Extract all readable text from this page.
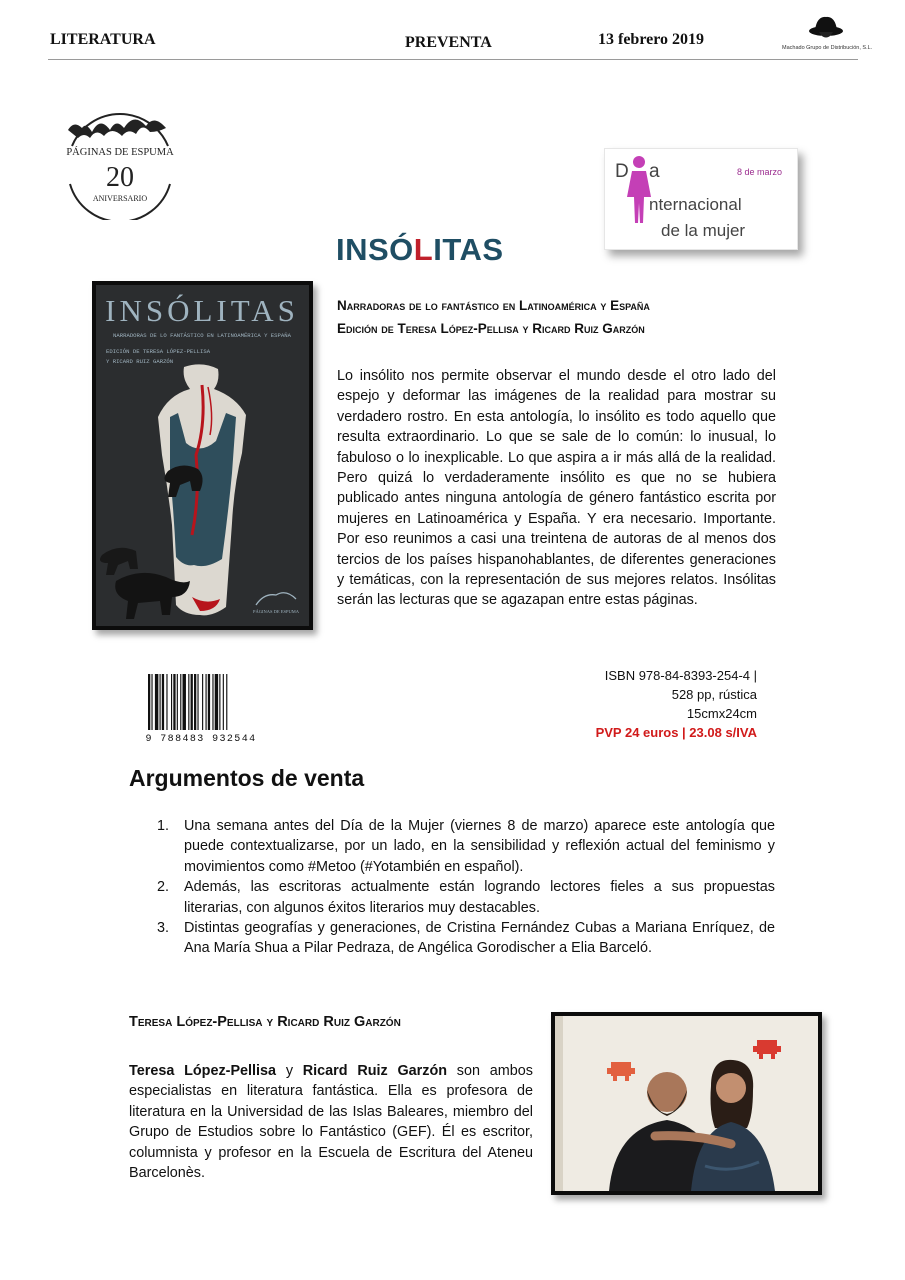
LITERATURA	PREVENTA	13 febrero 2019	Machado Grupo de Distribución, S.L.
PÁGINAS DE ESPUMA
20
ANIVERSARIO
D a	8 de marzo
nternacional
de la mujer
INSÓLITAS
INSÓLITAS
NARRADORAS DE LO FANTÁSTICO EN LATINOAMÉRICA Y ESPAÑA
EDICIÓN DE TERESA LÓPEZ-PELLISA
Y RICARD RUIZ GARZÓN
PÁGINAS DE ESPUMA
Narradoras de lo fantástico en Latinoamérica y España
Edición de Teresa López-Pellisa y Ricard Ruiz Garzón

Lo insólito nos permite observar el mundo desde el otro lado del espejo y deformar las imágenes de la realidad para mostrar su verdadero rostro. En esta antología, lo insólito es todo aquello que resulta extraordinario. Lo que se sale de lo común: lo inusual, lo fabuloso o lo inexplicable. Lo que aspira a ir más allá de la realidad. Pero quizá lo verdaderamente insólito es que no se hubiera publicado antes ninguna antología de género fantástico escrita por mujeres en Latinoamérica y España. Y era necesario. Importante. Por eso reunimos a casi una treintena de autoras de al menos dos tercios de los países hispanohablantes, de diferentes generaciones y temáticas, con la representación de sus mejores relatos. Insólitas serán las lecturas que se agazapan entre estas páginas.

9 788483 932544
ISBN 978-84-8393-254-4 |
528 pp, rústica
15cmx24cm
PVP 24 euros | 23.08 s/IVA
Argumentos de venta
1. Una semana antes del Día de la Mujer (viernes 8 de marzo) aparece este antología que puede contextualizarse, por un lado, en la sensibilidad y reflexión actual del feminismo y movimientos como #Metoo (#Yotambién en español).
2. Además, las escritoras actualmente están logrando lectores fieles a sus propuestas literarias, con algunos éxitos literarios muy destacables.
3. Distintas geografías y generaciones, de Cristina Fernández Cubas a Mariana Enríquez, de Ana María Shua a Pilar Pedraza, de Angélica Gorodischer a Elia Barceló.
Teresa López-Pellisa y Ricard Ruiz Garzón

Teresa López-Pellisa y Ricard Ruiz Garzón son ambos especialistas en literatura fantástica. Ella es profesora de literatura en la Universidad de las Islas Baleares, miembro del Grupo de Estudios sobre lo Fantástico (GEF). Él es escritor, columnista y profesor en la Escuela de Escritura del Ateneu Barcelonès.
